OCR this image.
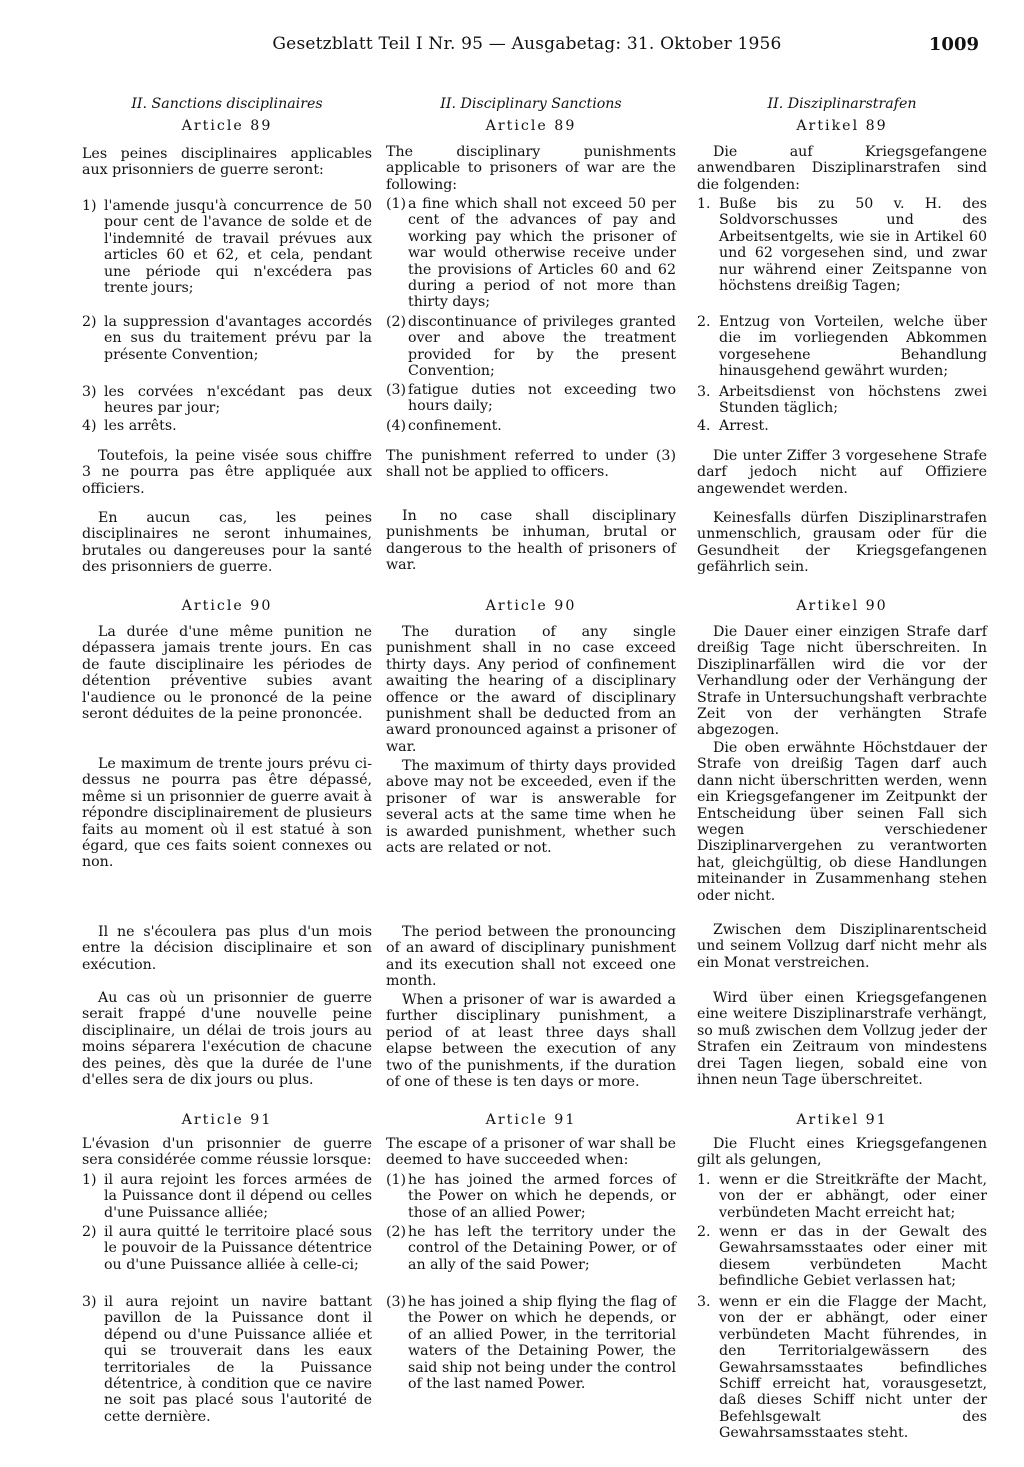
Gesetzblatt Teil I Nr. 95 — Ausgabetag: 31. Oktober 1956	1009
II. Sanctions disciplinaires
Article 89
Les peines disciplinaires applicables aux prisonniers de guerre seront:
1) l'amende jusqu'à concurrence de 50 pour cent de l'avance de solde et de l'indemnité de travail prévues aux articles 60 et 62, et cela, pendant une période qui n'excédera pas trente jours;
2) la suppression d'avantages accordés en sus du traitement prévu par la présente Convention;
3) les corvées n'excédant pas deux heures par jour;
4) les arrêts.
Toutefois, la peine visée sous chiffre 3 ne pourra pas être appliquée aux officiers.
En aucun cas, les peines disciplinaires ne seront inhumaines, brutales ou dangereuses pour la santé des prisonniers de guerre.
Article 90
La durée d'une même punition ne dépassera jamais trente jours. En cas de faute disciplinaire les périodes de détention préventive subies avant l'audience ou le prononcé de la peine seront déduites de la peine prononcée.
Le maximum de trente jours prévu ci-dessus ne pourra pas être dépassé, même si un prisonnier de guerre avait à répondre disciplinairement de plusieurs faits au moment où il est statué à son égard, que ces faits soient connexes ou non.
Il ne s'écoulera pas plus d'un mois entre la décision disciplinaire et son exécution.
Au cas où un prisonnier de guerre serait frappé d'une nouvelle peine disciplinaire, un délai de trois jours au moins séparera l'exécution de chacune des peines, dès que la durée de l'une d'elles sera de dix jours ou plus.
Article 91
L'évasion d'un prisonnier de guerre sera considérée comme réussie lorsque:
1) il aura rejoint les forces armées de la Puissance dont il dépend ou celles d'une Puissance alliée;
2) il aura quitté le territoire placé sous le pouvoir de la Puissance détentrice ou d'une Puissance alliée à celle-ci;
3) il aura rejoint un navire battant pavillon de la Puissance dont il dépend ou d'une Puissance alliée et qui se trouverait dans les eaux territoriales de la Puissance détentrice, à condition que ce navire ne soit pas placé sous l'autorité de cette dernière.
II. Disciplinary Sanctions
Article 89
The disciplinary punishments applicable to prisoners of war are the following:
(1) a fine which shall not exceed 50 per cent of the advances of pay and working pay which the prisoner of war would otherwise receive under the provisions of Articles 60 and 62 during a period of not more than thirty days;
(2) discontinuance of privileges granted over and above the treatment provided for by the present Convention;
(3) fatigue duties not exceeding two hours daily;
(4) confinement.
The punishment referred to under (3) shall not be applied to officers.
In no case shall disciplinary punishments be inhuman, brutal or dangerous to the health of prisoners of war.
Article 90
The duration of any single punishment shall in no case exceed thirty days. Any period of confinement awaiting the hearing of a disciplinary offence or the award of disciplinary punishment shall be deducted from an award pronounced against a prisoner of war.
The maximum of thirty days provided above may not be exceeded, even if the prisoner of war is answerable for several acts at the same time when he is awarded punishment, whether such acts are related or not.
The period between the pronouncing of an award of disciplinary punishment and its execution shall not exceed one month.
When a prisoner of war is awarded a further disciplinary punishment, a period of at least three days shall elapse between the execution of any two of the punishments, if the duration of one of these is ten days or more.
Article 91
The escape of a prisoner of war shall be deemed to have succeeded when:
(1) he has joined the armed forces of the Power on which he depends, or those of an allied Power;
(2) he has left the territory under the control of the Detaining Power, or of an ally of the said Power;
(3) he has joined a ship flying the flag of the Power on which he depends, or of an allied Power, in the territorial waters of the Detaining Power, the said ship not being under the control of the last named Power.
II. Disziplinarstrafen
Artikel 89
Die auf Kriegsgefangene anwendbaren Disziplinarstrafen sind die folgenden:
1. Buße bis zu 50 v. H. des Soldvorschusses und des Arbeitsentgelts, wie sie in Artikel 60 und 62 vorgesehen sind, und zwar nur während einer Zeitspanne von höchstens dreißig Tagen;
2. Entzug von Vorteilen, welche über die im vorliegenden Abkommen vorgesehene Behandlung hinausgehend gewährt wurden;
3. Arbeitsdienst von höchstens zwei Stunden täglich;
4. Arrest.
Die unter Ziffer 3 vorgesehene Strafe darf jedoch nicht auf Offiziere angewendet werden.
Keinesfalls dürfen Disziplinarstrafen unmenschlich, grausam oder für die Gesundheit der Kriegsgefangenen gefährlich sein.
Artikel 90
Die Dauer einer einzigen Strafe darf dreißig Tage nicht überschreiten. In Disziplinarfällen wird die vor der Verhandlung oder der Verhängung der Strafe in Untersuchungshaft verbrachte Zeit von der verhängten Strafe abgezogen.
Die oben erwähnte Höchstdauer der Strafe von dreißig Tagen darf auch dann nicht überschritten werden, wenn ein Kriegsgefangener im Zeitpunkt der Entscheidung über seinen Fall sich wegen verschiedener Disziplinarvergehen zu verantworten hat, gleichgültig, ob diese Handlungen miteinander in Zusammenhang stehen oder nicht.
Zwischen dem Disziplinarentscheid und seinem Vollzug darf nicht mehr als ein Monat verstreichen.
Wird über einen Kriegsgefangenen eine weitere Disziplinarstrafe verhängt, so muß zwischen dem Vollzug jeder der Strafen ein Zeitraum von mindestens drei Tagen liegen, sobald eine von ihnen neun Tage überschreitet.
Artikel 91
Die Flucht eines Kriegsgefangenen gilt als gelungen,
1. wenn er die Streitkräfte der Macht, von der er abhängt, oder einer verbündeten Macht erreicht hat;
2. wenn er das in der Gewalt des Gewahrsamsstaates oder einer mit diesem verbündeten Macht befindliche Gebiet verlassen hat;
3. wenn er ein die Flagge der Macht, von der er abhängt, oder einer verbündeten Macht führendes, in den Territorialgewässern des Gewahrsamsstaates befindliches Schiff erreicht hat, vorausgesetzt, daß dieses Schiff nicht unter der Befehlsgewalt des Gewahrsamsstaates steht.
